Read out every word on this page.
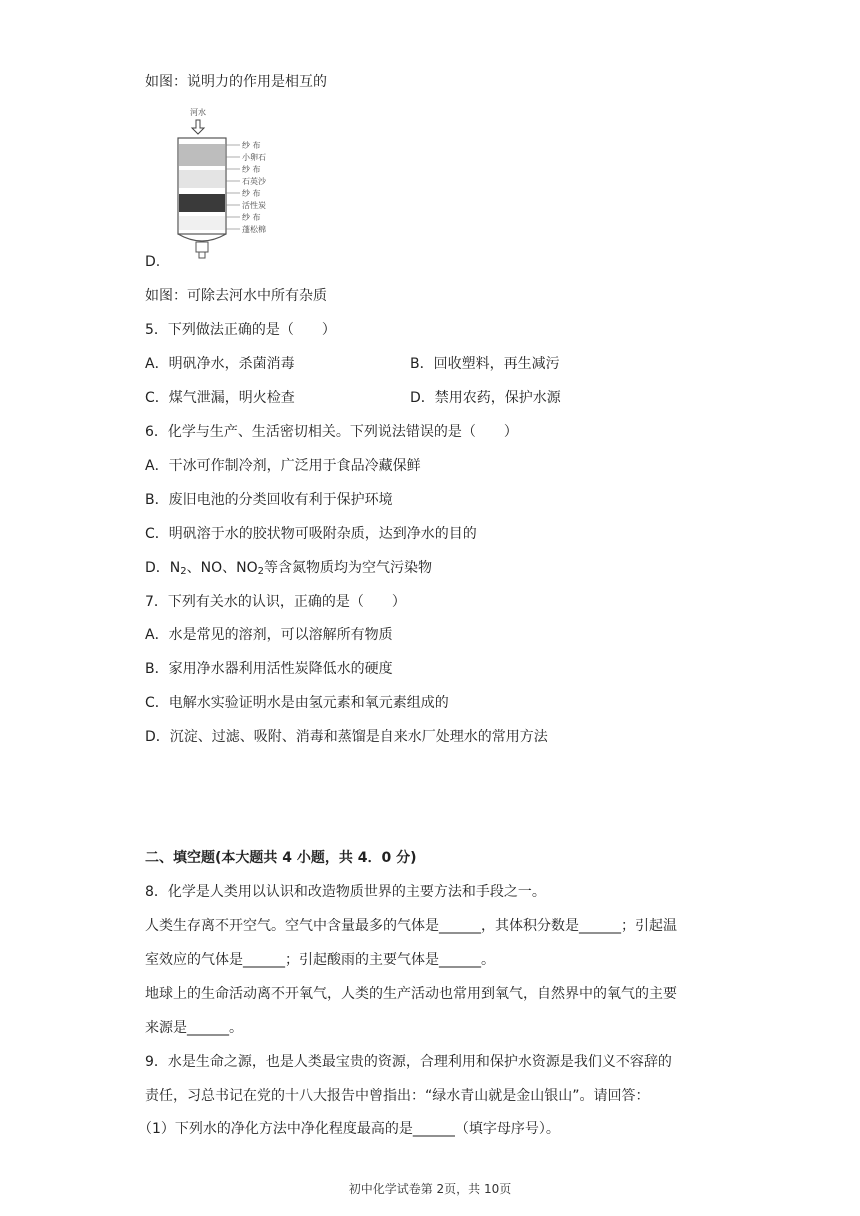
如图：说明力的作用是相互的
河水
纱 布
小卵石
纱 布
石英沙
纱 布
活性炭
纱 布
蓬松棉
D.
如图：可除去河水中所有杂质
5．下列做法正确的是（　　）
A．明矾净水，杀菌消毒	B．回收塑料，再生减污
C．煤气泄漏，明火检查	D．禁用农药，保护水源
6．化学与生产、生活密切相关。下列说法错误的是（　　）
A．干冰可作制冷剂，广泛用于食品冷藏保鲜
B．废旧电池的分类回收有利于保护环境
C．明矾溶于水的胶状物可吸附杂质，达到净水的目的
D．$N_2$、NO、$NO_2$等含氮物质均为空气污染物
7．下列有关水的认识，正确的是（　　）
A．水是常见的溶剂，可以溶解所有物质
B．家用净水器利用活性炭降低水的硬度
C．电解水实验证明水是由氢元素和氧元素组成的
D．沉淀、过滤、吸附、消毒和蒸馏是自来水厂处理水的常用方法
二、填空题(本大题共 4 小题，共 4．0 分)
8．化学是人类用以认识和改造物质世界的主要方法和手段之一。
人类生存离不开空气。空气中含量最多的气体是______，其体积分数是______；引起温
室效应的气体是______；引起酸雨的主要气体是______。
地球上的生命活动离不开氧气，人类的生产活动也常用到氧气，自然界中的氧气的主要
来源是______。
9．水是生命之源，也是人类最宝贵的资源，合理利用和保护水资源是我们义不容辞的
责任，习总书记在党的十八大报告中曾指出：“绿水青山就是金山银山”。请回答：
（1）下列水的净化方法中净化程度最高的是______（填字母序号）。
初中化学试卷第 2页，共 10页
